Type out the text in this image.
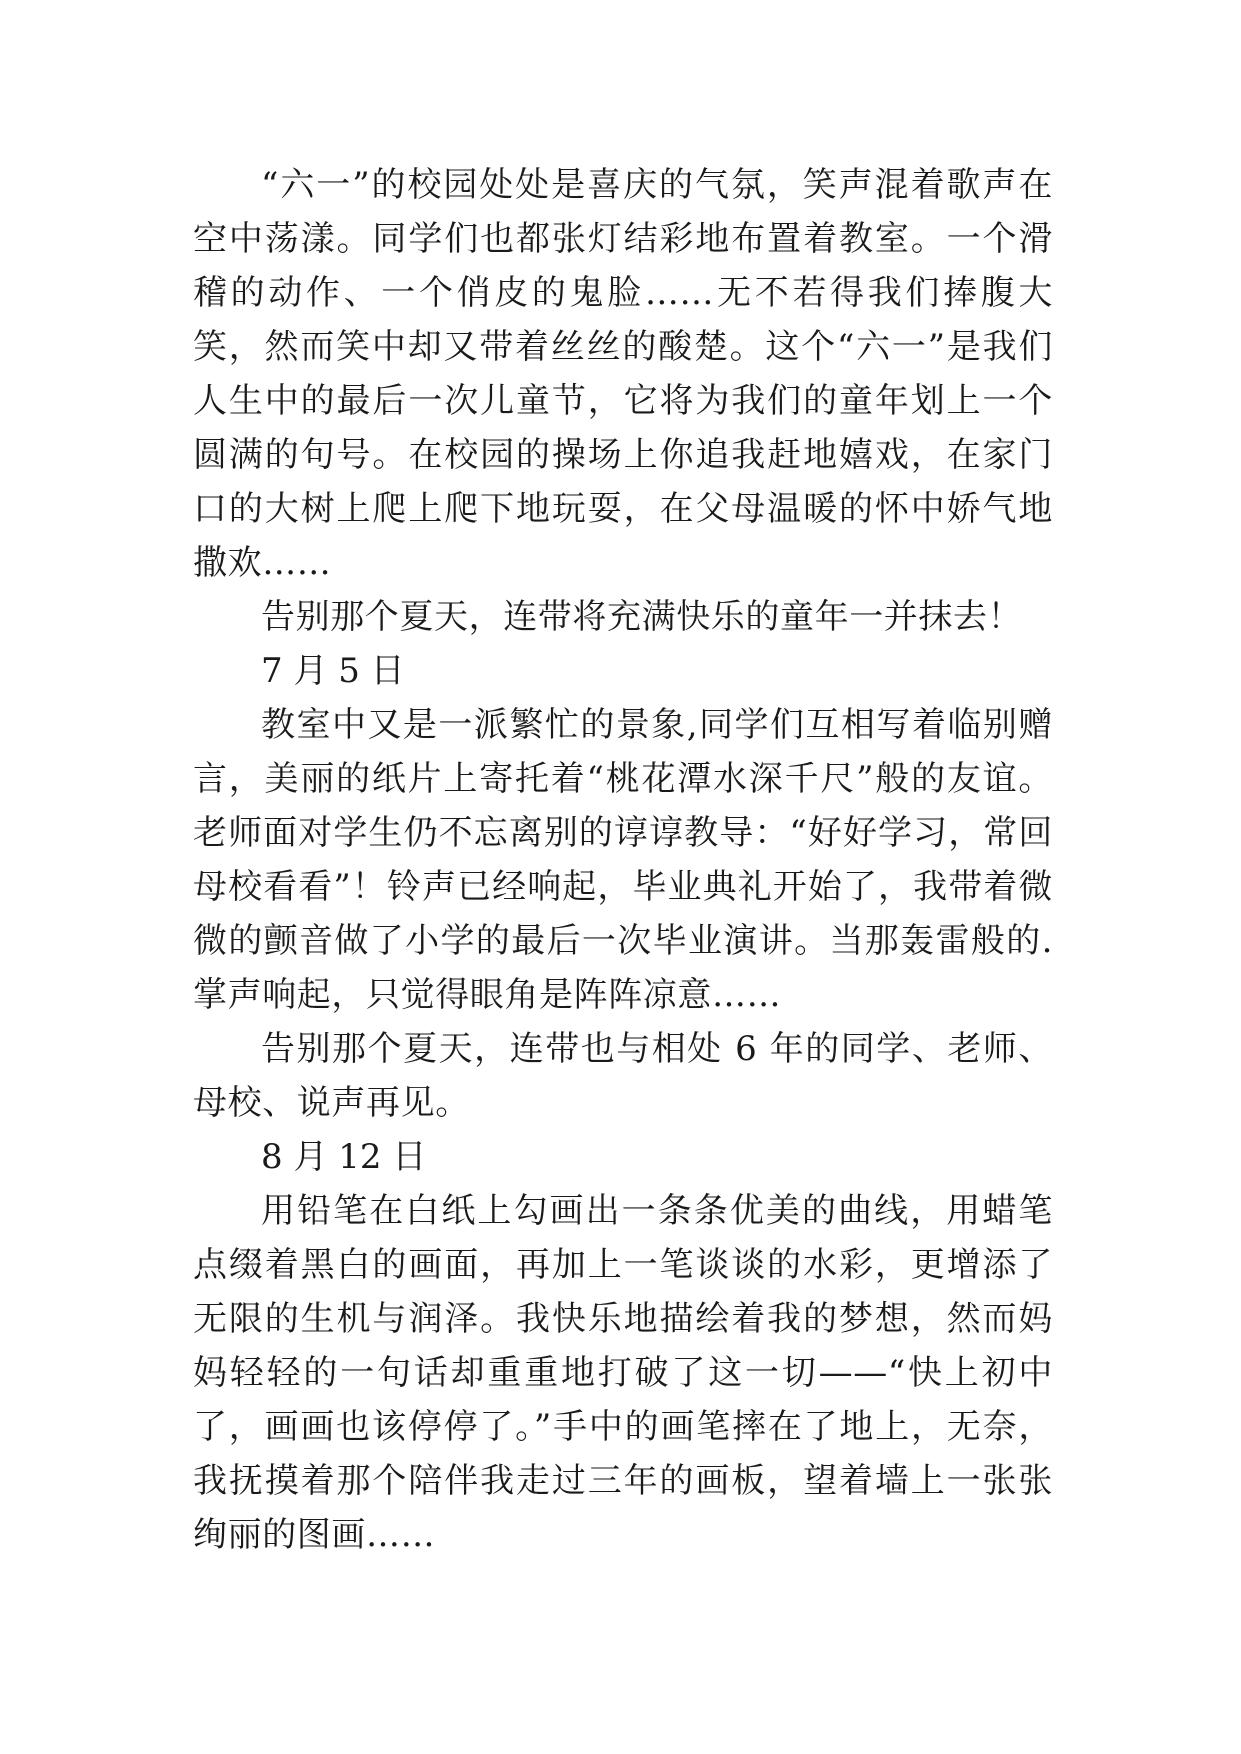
“六一”的校园处处是喜庆的气氛，笑声混着歌声在空中荡漾。同学们也都张灯结彩地布置着教室。一个滑稽的动作、一个俏皮的鬼脸……无不若得我们捧腹大笑，然而笑中却又带着丝丝的酸楚。这个“六一”是我们人生中的最后一次儿童节，它将为我们的童年划上一个圆满的句号。在校园的操场上你追我赶地嬉戏，在家门口的大树上爬上爬下地玩耍，在父母温暖的怀中娇气地撒欢……

告别那个夏天，连带将充满快乐的童年一并抹去！

7 月 5 日

教室中又是一派繁忙的景象,同学们互相写着临别赠言，美丽的纸片上寄托着“桃花潭水深千尺”般的友谊。老师面对学生仍不忘离别的谆谆教导：“好好学习，常回母校看看”！铃声已经响起，毕业典礼开始了，我带着微微的颤音做了小学的最后一次毕业演讲。当那轰雷般的.掌声响起，只觉得眼角是阵阵凉意……

告别那个夏天，连带也与相处 6 年的同学、老师、母校、说声再见。

8 月 12 日

用铅笔在白纸上勾画出一条条优美的曲线，用蜡笔点缀着黑白的画面，再加上一笔谈谈的水彩，更增添了无限的生机与润泽。我快乐地描绘着我的梦想，然而妈妈轻轻的一句话却重重地打破了这一切——“快上初中了，画画也该停停了。”手中的画笔摔在了地上，无奈，我抚摸着那个陪伴我走过三年的画板，望着墙上一张张绚丽的图画……
